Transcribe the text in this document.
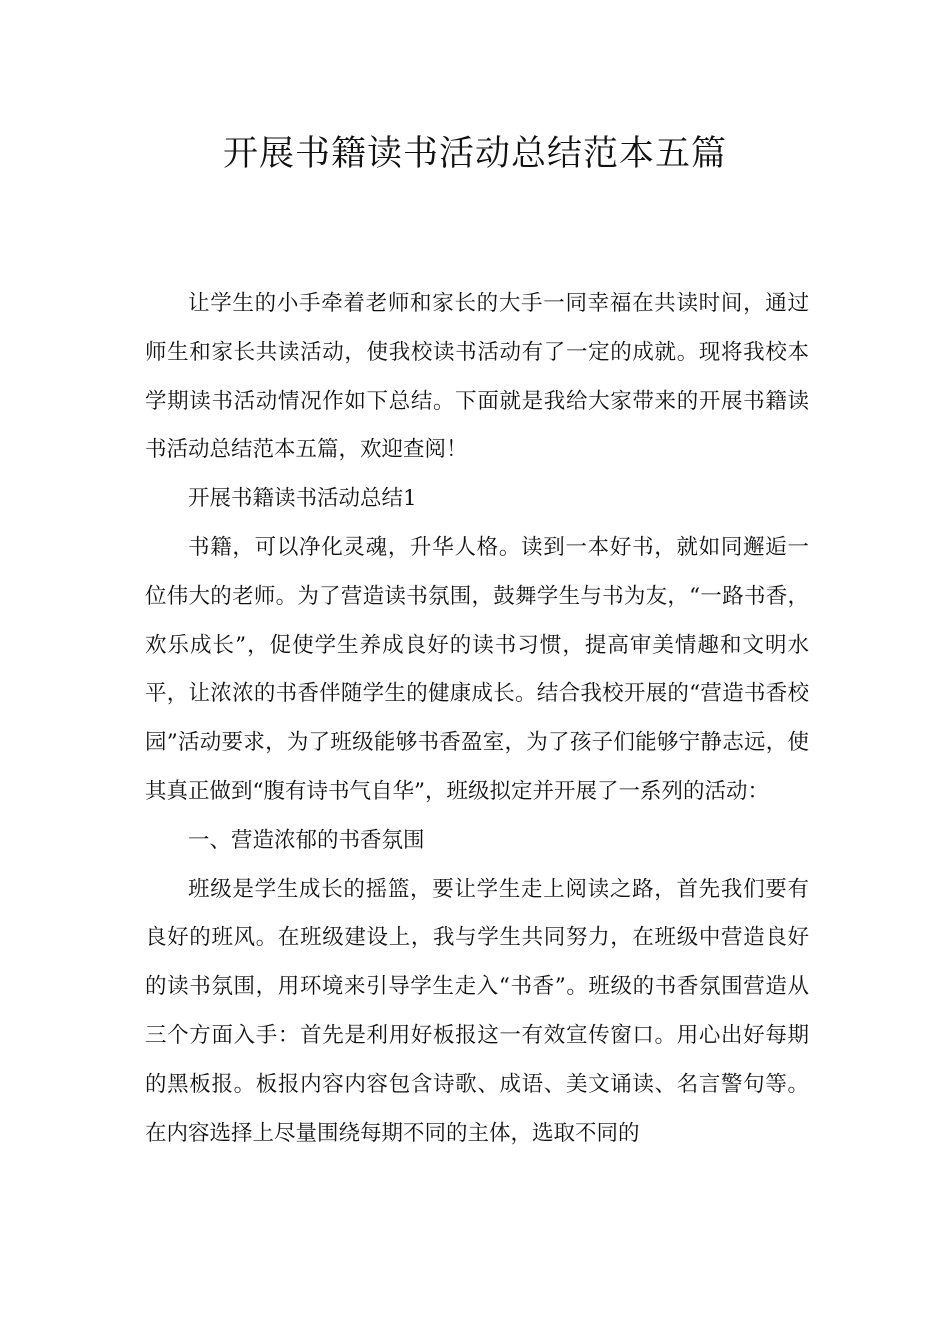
开展书籍读书活动总结范本五篇

让学生的小手牵着老师和家长的大手一同幸福在共读时间，通过师生和家长共读活动，使我校读书活动有了一定的成就。现将我校本学期读书活动情况作如下总结。下面就是我给大家带来的开展书籍读书活动总结范本五篇，欢迎查阅！

开展书籍读书活动总结1

书籍，可以净化灵魂，升华人格。读到一本好书，就如同邂逅一位伟大的老师。为了营造读书氛围，鼓舞学生与书为友，“一路书香，欢乐成长”，促使学生养成良好的读书习惯，提高审美情趣和文明水平，让浓浓的书香伴随学生的健康成长。结合我校开展的“营造书香校园”活动要求，为了班级能够书香盈室，为了孩子们能够宁静志远，使其真正做到“腹有诗书气自华”，班级拟定并开展了一系列的活动：

一、营造浓郁的书香氛围

班级是学生成长的摇篮，要让学生走上阅读之路，首先我们要有良好的班风。在班级建设上，我与学生共同努力，在班级中营造良好的读书氛围，用环境来引导学生走入“书香”。班级的书香氛围营造从三个方面入手：首先是利用好板报这一有效宣传窗口。用心出好每期的黑板报。板报内容内容包含诗歌、成语、美文诵读、名言警句等。在内容选择上尽量围绕每期不同的主体，选取不同的
